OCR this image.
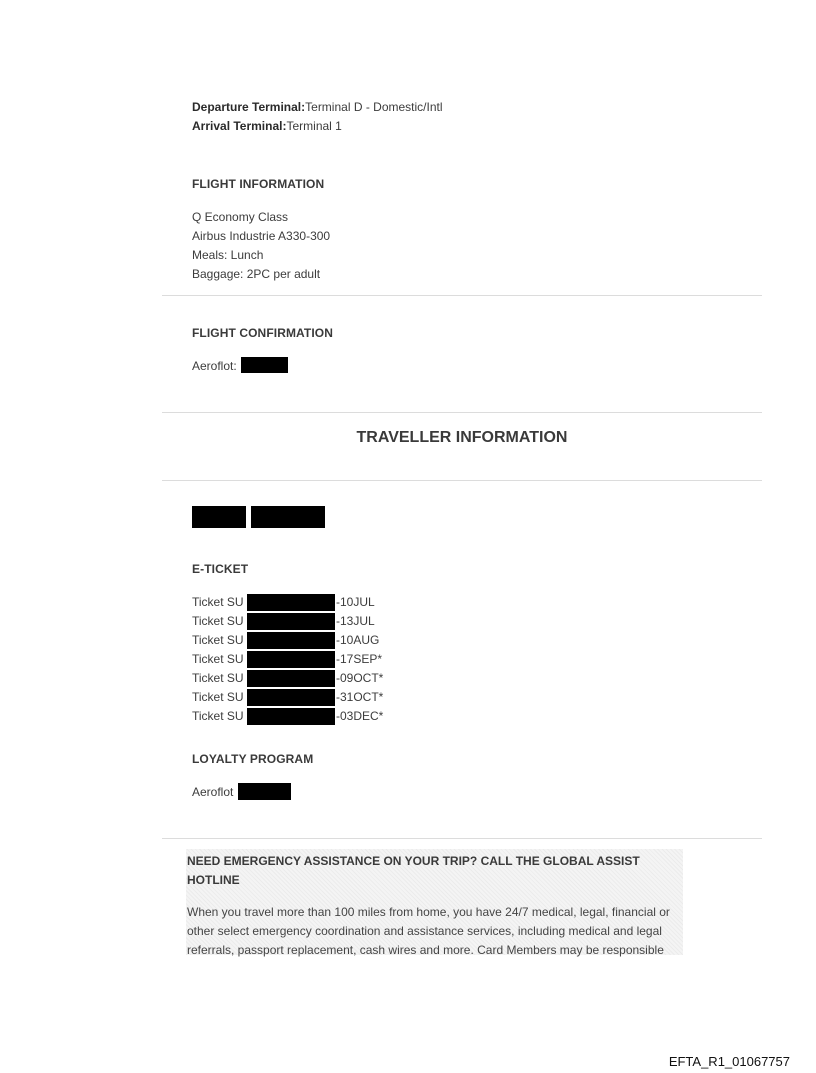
Departure Terminal:Terminal D - Domestic/Intl
Arrival Terminal:Terminal 1
FLIGHT INFORMATION
Q Economy Class
Airbus Industrie A330-300
Meals: Lunch
Baggage: 2PC per adult
FLIGHT CONFIRMATION
Aeroflot:
TRAVELLER INFORMATION
E-TICKET
Ticket SU	-10JUL
Ticket SU	-13JUL
Ticket SU	-10AUG
Ticket SU	-17SEP*
Ticket SU	-09OCT*
Ticket SU	-31OCT*
Ticket SU	-03DEC*
LOYALTY PROGRAM
Aeroflot
NEED EMERGENCY ASSISTANCE ON YOUR TRIP? CALL THE GLOBAL ASSIST HOTLINE
When you travel more than 100 miles from home, you have 24/7 medical, legal, financial or
other select emergency coordination and assistance services, including medical and legal
referrals, passport replacement, cash wires and more. Card Members may be responsible
EFTA_R1_01067757
